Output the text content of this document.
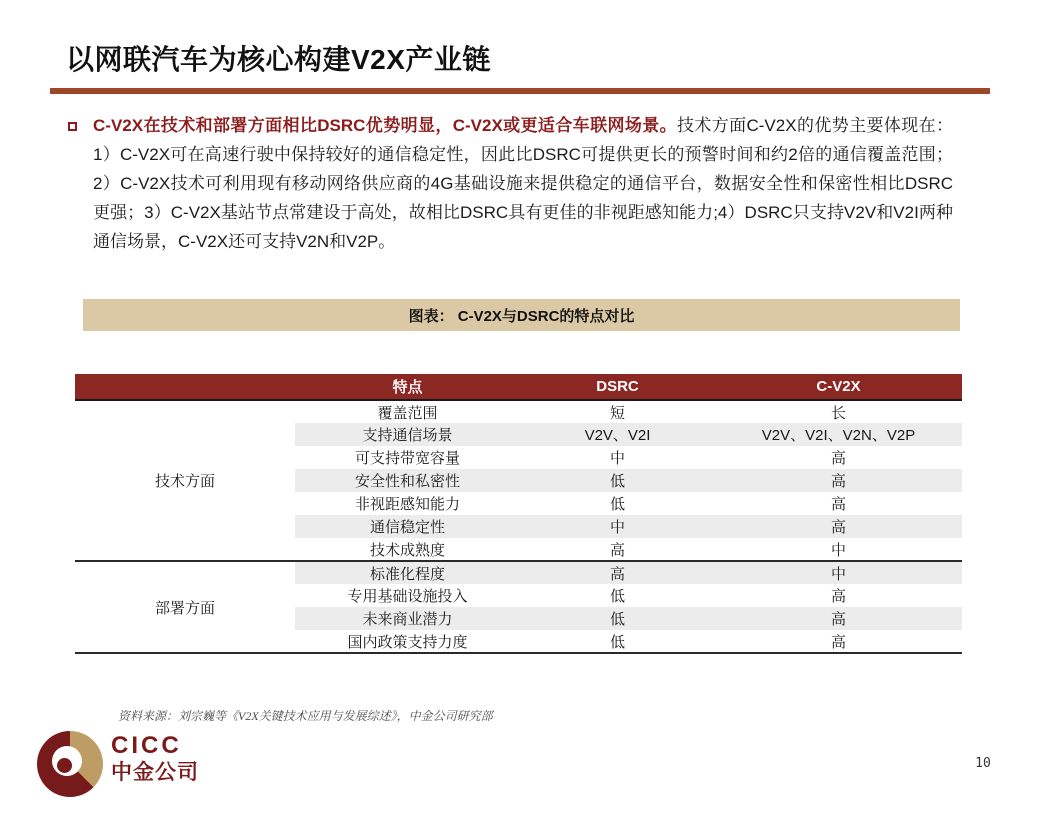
以网联汽车为核心构建V2X产业链
C-V2X在技术和部署方面相比DSRC优势明显，C-V2X或更适合车联网场景。技术方面C-V2X的优势主要体现在：1）C-V2X可在高速行驶中保持较好的通信稳定性，因此比DSRC可提供更长的预警时间和约2倍的通信覆盖范围；2）C-V2X技术可利用现有移动网络供应商的4G基础设施来提供稳定的通信平台，数据安全性和保密性相比DSRC更强；3）C-V2X基站节点常建设于高处，故相比DSRC具有更佳的非视距感知能力;4）DSRC只支持V2V和V2I两种通信场景，C-V2X还可支持V2N和V2P。
图表： C-V2X与DSRC的特点对比
	特点	DSRC	C-V2X
技术方面	覆盖范围	短	长
	支持通信场景	V2V、V2I	V2V、V2I、V2N、V2P
	可支持带宽容量	中	高
	安全性和私密性	低	高
	非视距感知能力	低	高
	通信稳定性	中	高
	技术成熟度	高	中
部署方面	标准化程度	高	中
	专用基础设施投入	低	高
	未来商业潜力	低	高
	国内政策支持力度	低	高
资料来源：刘宗巍等《V2X关键技术应用与发展综述》，中金公司研究部
CICC
中金公司	10
